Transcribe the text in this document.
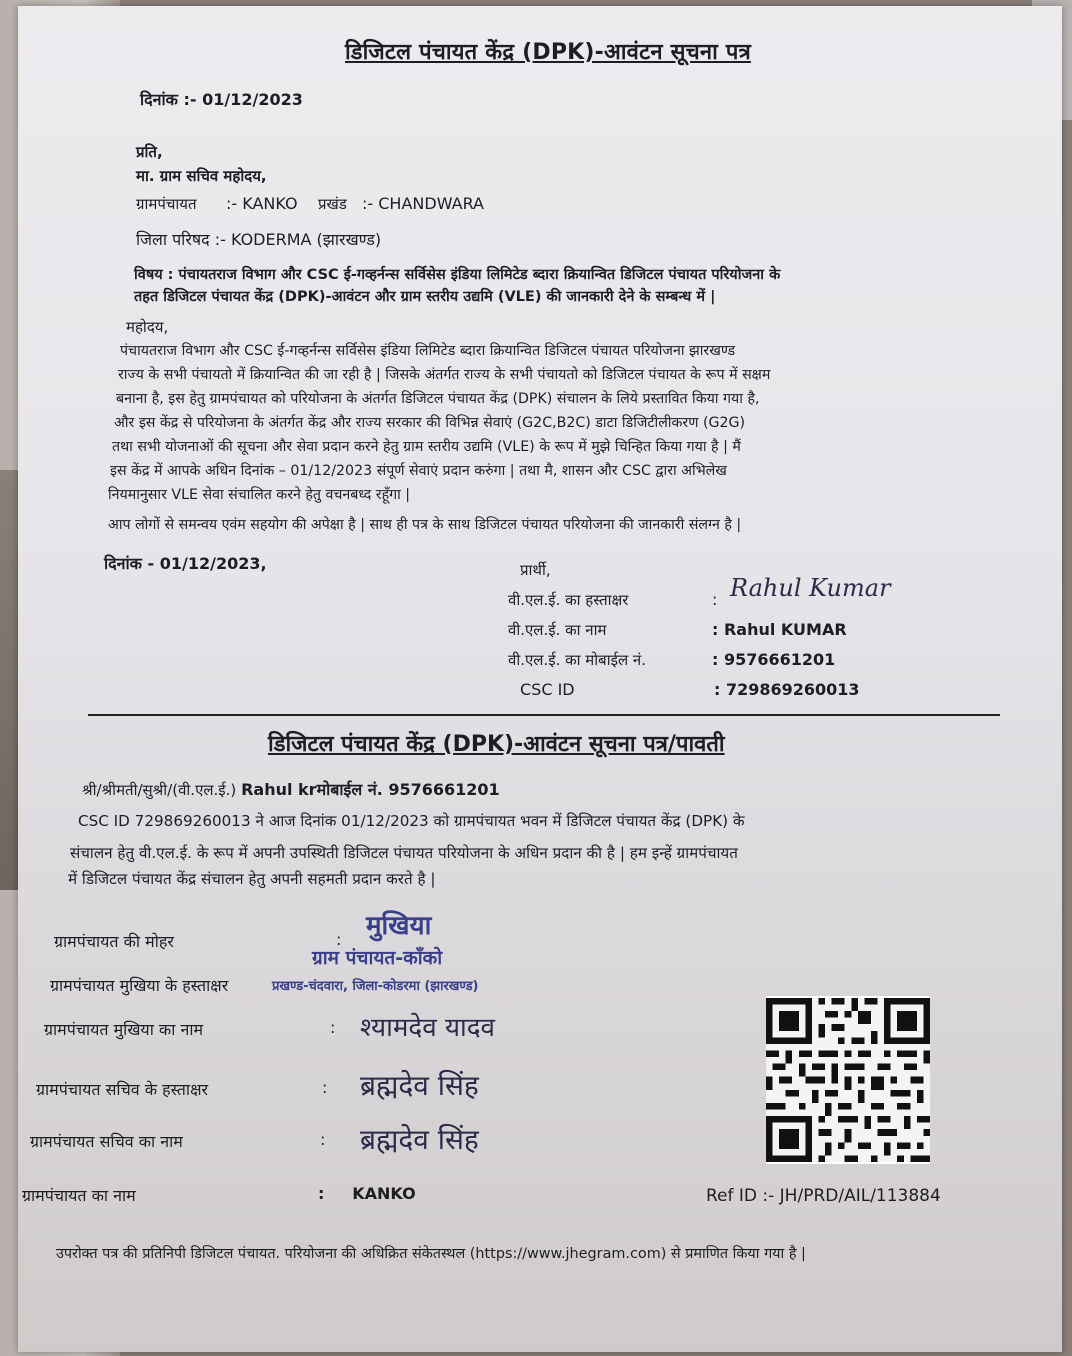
डिजिटल पंचायत केंद्र (DPK)-आवंटन सूचना पत्र
दिनांक :- 01/12/2023
प्रति,
मा. ग्राम सचिव महोदय,
ग्रामपंचायत :- KANKO प्रखंड :- CHANDWARA
जिला परिषद :- KODERMA (झारखण्ड)
विषय : पंचायतराज विभाग और CSC ई-गव्हर्नन्स सर्विसेस इंडिया लिमिटेड ब्दारा क्रियान्वित डिजिटल पंचायत परियोजना के
तहत डिजिटल पंचायत केंद्र (DPK)-आवंटन और ग्राम स्तरीय उद्यमि (VLE) की जानकारी देने के सम्बन्ध में |
महोदय,
पंचायतराज विभाग और CSC ई-गव्हर्नन्स सर्विसेस इंडिया लिमिटेड ब्दारा क्रियान्वित डिजिटल पंचायत परियोजना झारखण्ड
राज्य के सभी पंचायतो में क्रियान्वित की जा रही है | जिसके अंतर्गत राज्य के सभी पंचायतो को डिजिटल पंचायत के रूप में सक्षम
बनाना है, इस हेतु ग्रामपंचायत को परियोजना के अंतर्गत डिजिटल पंचायत केंद्र (DPK) संचालन के लिये प्रस्तावित किया गया है,
और इस केंद्र से परियोजना के अंतर्गत केंद्र और राज्य सरकार की विभिन्न सेवाएं (G2C,B2C) डाटा डिजिटीलीकरण (G2G)
तथा सभी योजनाओं की सूचना और सेवा प्रदान करने हेतु ग्राम स्तरीय उद्यमि (VLE) के रूप में मुझे चिन्हित किया गया है | मैं
इस केंद्र में आपके अधिन दिनांक – 01/12/2023 संपूर्ण सेवाएं प्रदान करुंगा | तथा मै, शासन और CSC द्वारा अभिलेख
नियमानुसार VLE सेवा संचालित करने हेतु वचनबध्द रहूँगा |
आप लोगों से समन्वय एवंम सहयोग की अपेक्षा है | साथ ही पत्र के साथ डिजिटल पंचायत परियोजना की जानकारी संलग्न है |
दिनांक - 01/12/2023,	प्रार्थी,
वी.एल.ई. का हस्ताक्षर	: Rahul Kumar
वी.एल.ई. का नाम	: Rahul KUMAR
वी.एल.ई. का मोबाईल नं.	: 9576661201
CSC ID	: 729869260013
डिजिटल पंचायत केंद्र (DPK)-आवंटन सूचना पत्र/पावती
श्री/श्रीमती/सुश्री/(वी.एल.ई.) Rahul krमोबाईल नं. 9576661201
CSC ID 729869260013 ने आज दिनांक 01/12/2023 को ग्रामपंचायत भवन में डिजिटल पंचायत केंद्र (DPK) के
संचालन हेतु वी.एल.ई. के रूप में अपनी उपस्थिती डिजिटल पंचायत परियोजना के अधिन प्रदान की है | हम इन्हें ग्रामपंचायत
में डिजिटल पंचायत केंद्र संचालन हेतु अपनी सहमती प्रदान करते है |
ग्रामपंचायत की मोहर	: मुखिया
ग्राम पंचायत-काँको
ग्रामपंचायत मुखिया के हस्ताक्षर	प्रखण्ड-चंदवारा, जिला-कोडरमा (झारखण्ड)
ग्रामपंचायत मुखिया का नाम	: श्यामदेव यादव
ग्रामपंचायत सचिव के हस्ताक्षर	: ब्रह्मदेव सिंह
ग्रामपंचायत सचिव का नाम	: ब्रह्मदेव सिंह
ग्रामपंचायत का नाम	:     KANKO	Ref ID :- JH/PRD/AIL/113884
उपरोक्त पत्र की प्रतिनिपी डिजिटल पंचायत. परियोजना की अधिक्रित संकेतस्थल (https://www.jhegram.com) से प्रमाणित किया गया है |
